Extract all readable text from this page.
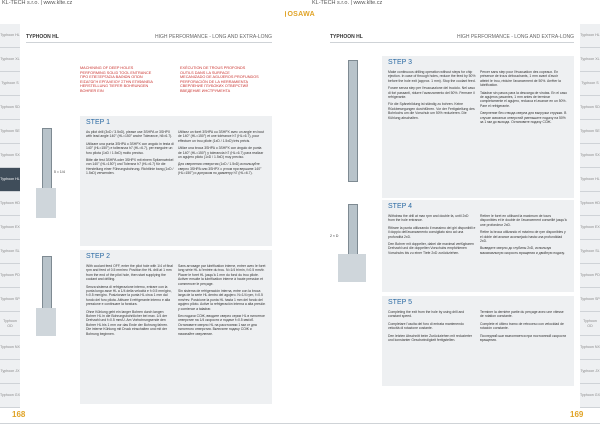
KL-TECH s.r.o. | www.klte.cz	KL-TECH s.r.o. | www.klte.cz
OSAWA
Typhoon HL
Typhoon XL
Typhoon S
Typhoon SD
Typhoon SE
Typhoon SX
Typhoon HL
Typhoon HD
Typhoon EX
Typhoon SL
Typhoon PD
Typhoon SP
Typhoon OD
Typhoon NX
Typhoon JX
Typhoon GX
TYPHOON HL	HIGH PERFORMANCE - LONG AND EXTRA-LONG
MACHINING OF DEEP HOLES
PERFORMING SOLID TOOL ENTRANCE
ΠΡΟ ΕΠΕΞΕΡΓΑΣΙΑ ΒΑΘΙΩΝ ΟΠΩΝ
ΕΙΣΑΓΩΓΗ ΕΡΓΑΛΕΙΟΥ ΣΤΗΝ ΕΠΙΦΑΝΕΙΑ
HERSTELLUNG TIEFER BOHRUNGEN
BOHRER EIN
EXÉCUTION DE TROUS PROFONDS
OUTILS DANS LA SURFACE
MECANIZADO DE AGUJEROS PROFUNDOS
PERFORACIÓN DE LA HERRAMIENTA
СВЕРЛЕНИЕ ГЛУБОКИХ ОТВЕРСТИЙ
ВВЕДЕНИЕ ИНСТРУМЕНТА
δ = 1/4
STEP 1

As pilot drill (3xD / 3.5xD), please use 3SHPA or 3SHPX with lead angle 140° (HL=150° anche Tolerance, h5=6.7).

Utilizare una punta 3SHPA o 3SHPX con angolo in testa di 140° (HL=150°) e tolleranza h7 (HL=6.7), per eseguire un foro pilota (1xD / 1.5xD) molto preciso.

Bitte die fest 3SHPA oder 3SHPX mit einem Spitzenwinkel von 140° (HL=150°) und Toleranz h7 (HL=6.7) für die Herstellung einer Führungsbohrung. Richtlinie bang (1xD / 1.5xD) verwenden.

Utilisez un foret 3SHPA ou 3SHPX avec un angle en bout de 140° (HL=150°) et une tolérance h7 (HL=6.7), pour effectuer un trou pilote (1xD / 1.5xD) très précis.

Utilize una broca 3SHPA o 3SHPX con ángulo de punta de 140° (HL=150°) y tolerancia h7 (HL=6.7) para realizar un agujero piloto (1xD / 1.5xD) muy preciso.

Для сверления отверстия (1xD / 1.5xD) используйте сверло 3SHPA или 3SHPX с углом при вершине 140° (HL=150°) и допуском по диаметру h7 (HL=6.7).

STEP 2

With coolant feed OFF, enter the pilot hole with 1/4 of final rpm and feed of 0.5 mm/rev. Position the HL drill at 1 mm from the end of the pilot hole, then start supplying the coolant and drilling.

Senza sistema di refrigerazione interno, entrare con la punta lungo asse HL a 1/4 della velocità e f=0.5 mm/giro, f=0.5 mm/giro. Posizionare la punta HL circa 1 mm dal fondo del foro pilota. Attivare il refrigerante interno e alla pressione e continuare la foratura.

Ohne Kühlung geht ein langer Bohren durch langen Bohrer HL in die Bohrungsbohrlöcher bei max. 1/4 der Drehzahl und f=0.5 mm/U. Am Vorbohrungsende den Bohrer HL bis 1 mm vor das Ende der Bohrung fahren. Die interne Kühlung mit Druck einschalten und mit der Bohrung beginnen.

Sans arrosage par lubrification interne, entrer avec le foret long série HL à l'entrée du trou. N=1/4 tr/min, f=0.5 mm/tr. Placer le foret HL jusqu'à 1 mm du fond du trou pilote. Activer ensuite la lubrification interne à haute pression et commencer le perçage.

Sin sistema de refrigeración interna, entre con la broca larga de la serie HL dentro del agujero. N=1/4 rpm, f=0.5 mm/rev. Posicione la punta HL hasta 1 mm del fondo del agujero piloto. Active la refrigeración interna a alta presión y comience a taladrar.

Без подачи СОЖ, вводите сверло серии HL в пилотное отверстие на 1/4 скорости и подаче f=0.5 мм/об. Остановите сверло HL на расстоянии 1 мм от дна пилотного отверстия. Включите подачу СОЖ и начинайте сверление.

168
Typhoon HL
Typhoon XL
Typhoon S
Typhoon SD
Typhoon SE
Typhoon SX
Typhoon HL
Typhoon HD
Typhoon EX
Typhoon SL
Typhoon PD
Typhoon SP
Typhoon OD
Typhoon NX
Typhoon JX
Typhoon GX
TYPHOON HL	HIGH PERFORMANCE - LONG AND EXTRA-LONG
STEP 3

Make continuous drilling operation without steps for chip ejection. In case of through holes, reduce the feed by 50% before the hole exit (approx. 1 mm). Stop the coolant feed.

Forare senza step per l'evacuazione del truciolo. Nel caso di fori passanti, ridurre l'avanzamento del 50%. Fermare il refrigerante.

Für die Spänebildung ist ständig zu bohren. Keine Rückbewegungen durchführen. Vor der Fertigstellung des Bohrlochs um die Vorschub um 50% reduzieren. Die Kühlung abschalten.

Percer sans step pour l'évacuation des copeaux. En présence de trous débouchants, 1 mm avant d'avoir atteint le trou, réduire l'avancement de 50%. Arrêter la lubrification.

Taladrar sin pasos para la descarga de virutas. En el caso de agujeros pasantes, 1 mm antes de terminar completamente el agujero, reduzca el avance en un 50%. Pare el refrigerante.

Сверление без отвода сверла для выгрузки стружки. В случае сквозных отверстий уменьшите подачу на 50% за 1 мм до выхода. Остановите подачу СОЖ.

2 × D
STEP 4

Withdraw the drill at max rpm and double fa, until 2xD from the hole entrance.

Ritirare la punta utilizzando il massimo dei giri disponibili e il doppio dell'avanzamento consigliato sino ad una profondità 2xD.

Den Bohrer mit doppelter, dabei die maximal verfügbaren Drehzahl und die doppelten Vorschubs empfohlenen Vorschubs bis zu einer Tiefe 2xD zurückziehen.

Retirer le foret en utilisant la maximum de tours disponibles et le double de l'avancement conseillé jusqu'à une profondeur 2xD.

Retire la broca utilizando el máximo de rpm disponibles y el doble del avance aconsejado hasta una profundidad 2xD.

Выведите сверло до глубины 2xD, используя максимальную скорость вращения и двойную подачу.

STEP 5

Completing the exit from the hole by using drill and constant speed.

Completare l'uscita del foro di entrata mantenendo velocità di rotazione costante.

Den letzten Abschnitt beim Zurückziehen mit reduzierter und konstanter Geschwindigkeit fertigstellen.

Terminer la dernière partie du perçage avec une vitesse de rotation constante.

Complete el último tramo de retroceso con velocidad de rotación constante.

Последний шаг выполняется при постоянной скорости вращения.

169
